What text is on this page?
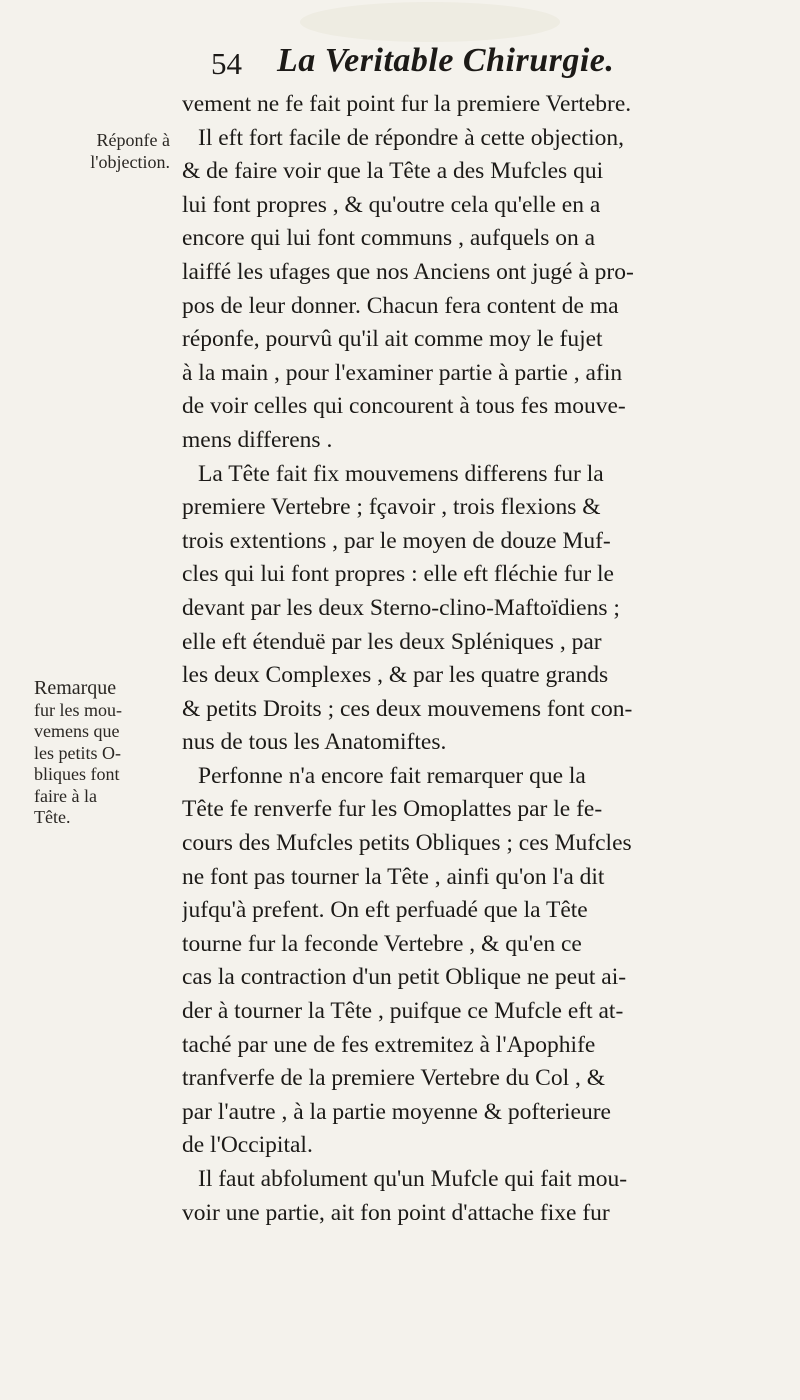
54 La Veritable Chirurgie.
Réponfe à
l'objection.
Remarque
fur les mou-
vemens que
les petits O-
bliques font
faire à la
Tête.
vement ne fe fait point fur la premiere Vertebre.
Il eft fort facile de répondre à cette objection,
& de faire voir que la Tête a des Mufcles qui
lui font propres , & qu'outre cela qu'elle en a
encore qui lui font communs , aufquels on a
laiffé les ufages que nos Anciens ont jugé à pro-
pos de leur donner. Chacun fera content de ma
réponfe, pourvû qu'il ait comme moy le fujet
à la main , pour l'examiner partie à partie , afin
de voir celles qui concourent à tous fes mouve-
mens differens .
La Tête fait fix mouvemens differens fur la
premiere Vertebre ; fçavoir , trois flexions &
trois extentions , par le moyen de douze Muf-
cles qui lui font propres : elle eft fléchie fur le
devant par les deux Sterno-clino-Maftoïdiens ;
elle eft étenduë par les deux Spléniques , par
les deux Complexes , & par les quatre grands
& petits Droits ; ces deux mouvemens font con-
nus de tous les Anatomiftes.
Perfonne n'a encore fait remarquer que la
Tête fe renverfe fur les Omoplattes par le fe-
cours des Mufcles petits Obliques ; ces Mufcles
ne font pas tourner la Tête , ainfi qu'on l'a dit
jufqu'à prefent. On eft perfuadé que la Tête
tourne fur la feconde Vertebre , & qu'en ce
cas la contraction d'un petit Oblique ne peut ai-
der à tourner la Tête , puifque ce Mufcle eft at-
taché par une de fes extremitez à l'Apophife
tranfverfe de la premiere Vertebre du Col , &
par l'autre , à la partie moyenne & pofterieure
de l'Occipital.
Il faut abfolument qu'un Mufcle qui fait mou-
voir une partie, ait fon point d'attache fixe fur
